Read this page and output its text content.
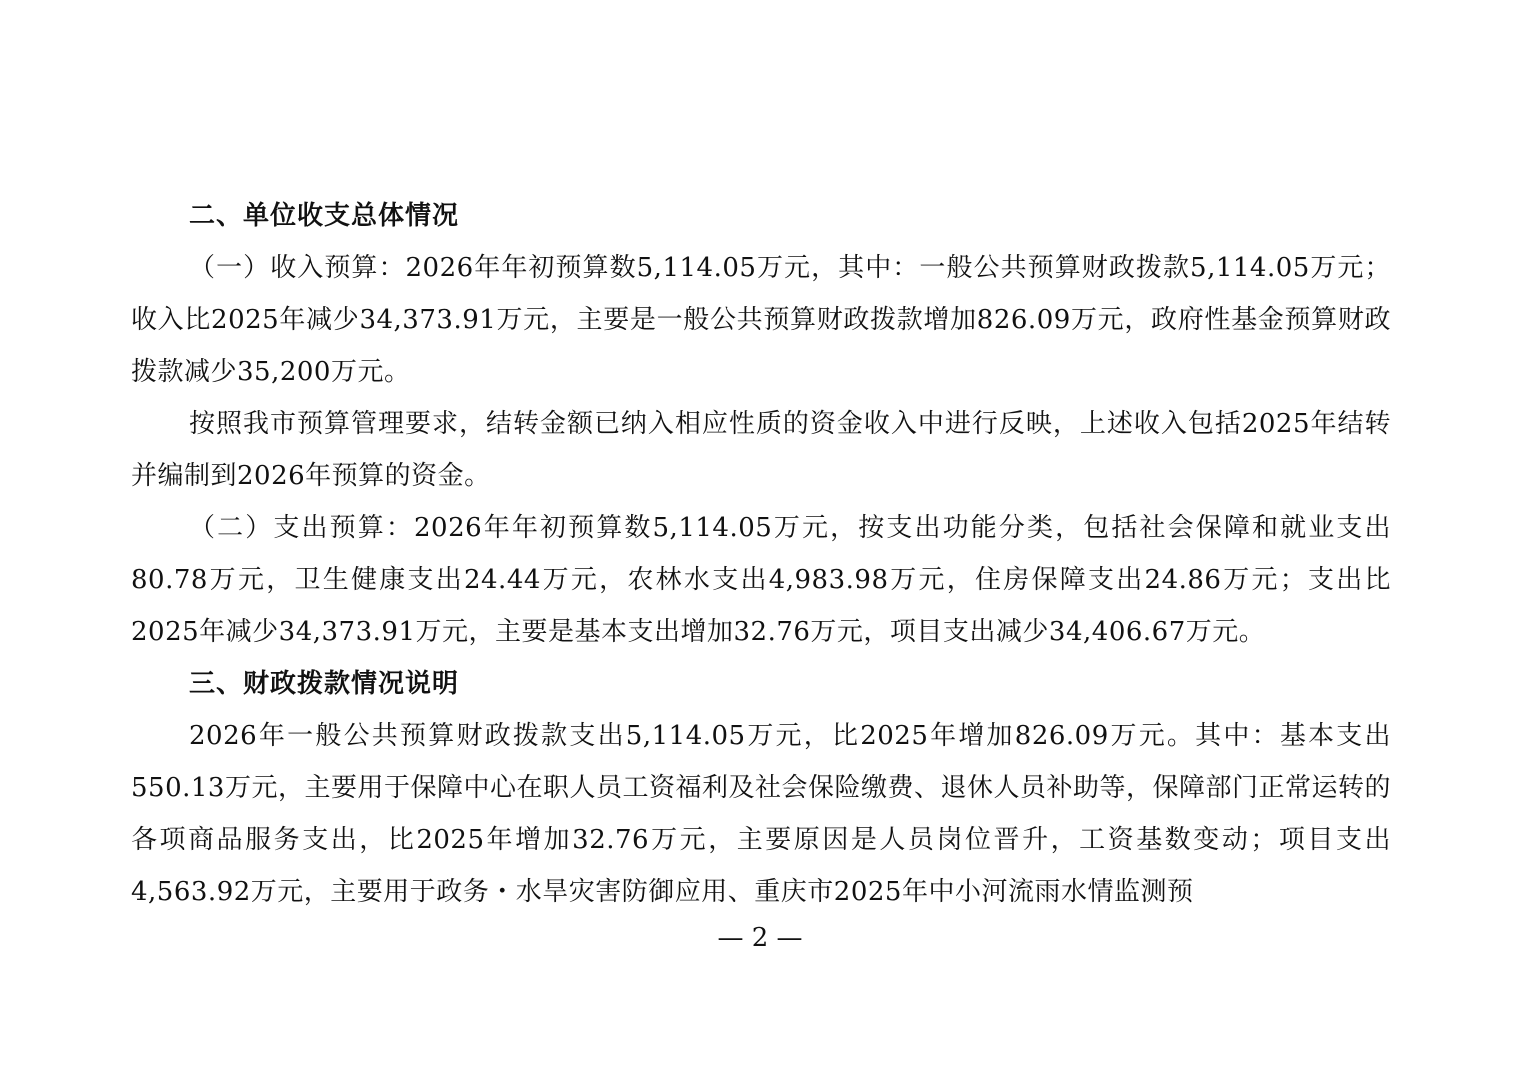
二、单位收支总体情况

（一）收入预算：2026年年初预算数5,114.05万元，其中：一般公共预算财政拨款5,114.05万元；收入比2025年减少34,373.91万元，主要是一般公共预算财政拨款增加826.09万元，政府性基金预算财政拨款减少35,200万元。

按照我市预算管理要求，结转金额已纳入相应性质的资金收入中进行反映，上述收入包括2025年结转并编制到2026年预算的资金。

（二）支出预算：2026年年初预算数5,114.05万元，按支出功能分类，包括社会保障和就业支出80.78万元，卫生健康支出24.44万元，农林水支出4,983.98万元，住房保障支出24.86万元；支出比2025年减少34,373.91万元，主要是基本支出增加32.76万元，项目支出减少34,406.67万元。

三、财政拨款情况说明

2026年一般公共预算财政拨款支出5,114.05万元，比2025年增加826.09万元。其中：基本支出550.13万元，主要用于保障中心在职人员工资福利及社会保险缴费、退休人员补助等，保障部门正常运转的各项商品服务支出，比2025年增加32.76万元，主要原因是人员岗位晋升，工资基数变动；项目支出4,563.92万元，主要用于政务・水旱灾害防御应用、重庆市2025年中小河流雨水情监测预

— 2 —
